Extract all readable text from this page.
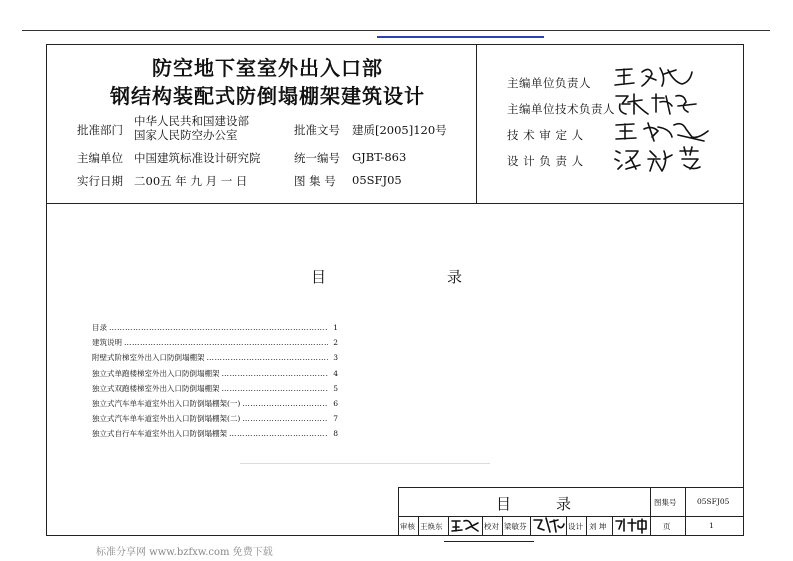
防空地下室室外出入口部
钢结构装配式防倒塌棚架建筑设计
批准部门
中华人民共和国建设部
国家人民防空办公室	批准文号 建质[2005]120号
主编单位 中国建筑标准设计研究院	统一编号 GJBT-863
实行日期 二00五 年 九 月 一 日	图 集 号 05SFJ05
主编单位负责人
主编单位技术负责人
技 术 审 定 人
设 计 负 责 人
目	录
目录 ……………………………………………………………………………………………………………………	1
建筑说明 ……………………………………………………………………………………………………………………	2
附壁式阶梯室外出入口防倒塌棚架 ……………………………………………………………………………………………………………………	3
独立式单跑楼梯室外出入口防倒塌棚架 ……………………………………………………………………………………………………………………	4
独立式双跑楼梯室外出入口防倒塌棚架 ……………………………………………………………………………………………………………………	5
独立式汽车单车道室外出入口防倒塌棚架(一) ……………………………………………………………………………………………………………………	6
独立式汽车单车道室外出入口防倒塌棚架(二) ……………………………………………………………………………………………………………………	7
独立式自行车车道室外出入口防倒塌棚架 ……………………………………………………………………………………………………………………	8
目	录	图集号	05SFJ05
审核 王焕东	校对 梁敏芬	设计 刘 坤	页	1
标准分享网 www.bzfxw.com 免费下载
